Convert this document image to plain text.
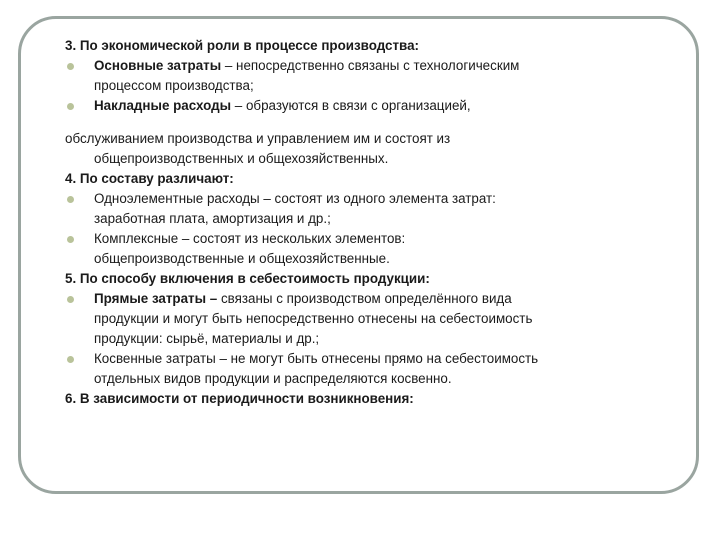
3. По экономической роли в процессе производства:
Основные затраты – непосредственно связаны с технологическим
процессом производства;
Накладные расходы – образуются в связи с организацией,
обслуживанием производства и управлением им и состоят из
общепроизводственных и общехозяйственных.
4. По составу различают:
Одноэлементные расходы – состоят из одного элемента затрат:
заработная плата, амортизация и др.;
Комплексные – состоят из нескольких элементов:
общепроизводственные и общехозяйственные.
5. По способу включения в себестоимость продукции:
Прямые затраты – связаны с производством определённого вида
продукции и могут быть непосредственно отнесены на себестоимость
продукции: сырьё, материалы и др.;
Косвенные затраты – не могут быть отнесены прямо на себестоимость
отдельных видов продукции и распределяются косвенно.
6. В зависимости от периодичности возникновения:
